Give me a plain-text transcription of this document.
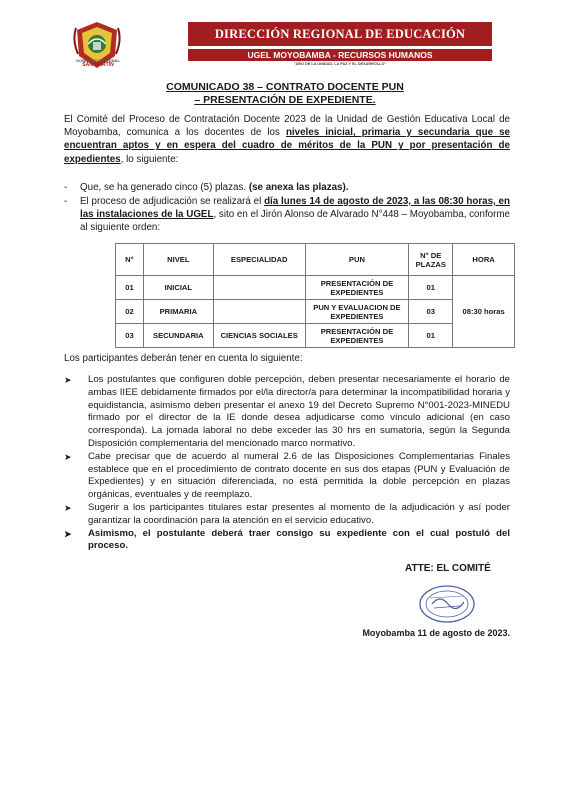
GOBIERNO REGIONAL
SAN MARTÍN
DIRECCIÓN REGIONAL DE EDUCACIÓN
UGEL MOYOBAMBA - RECURSOS HUMANOS
"AÑO DE LA UNIDAD, LA PAZ Y EL DESARROLLO"
COMUNICADO 38 – CONTRATO DOCENTE PUN
– PRESENTACIÓN DE EXPEDIENTE.
El Comité del Proceso de Contratación Docente 2023 de la Unidad de Gestión Educativa Local de Moyobamba, comunica a los docentes de los niveles inicial, primaria y secundaria que se encuentran aptos y en espera del cuadro de méritos de la PUN y por presentación de expedientes, lo siguiente:
- Que, se ha generado cinco (5) plazas. (se anexa las plazas).
- El proceso de adjudicación se realizará el día lunes 14 de agosto de 2023, a las 08:30 horas, en las instalaciones de la UGEL, sito en el Jirón Alonso de Alvarado N°448 – Moyobamba, conforme al siguiente orden:
N°	NIVEL	ESPECIALIDAD	PUN	N° DE PLAZAS	HORA
01	INICIAL		PRESENTACIÓN DE EXPEDIENTES	01	08:30 horas
02	PRIMARIA		PUN Y EVALUACION DE EXPEDIENTES	03	
03	SECUNDARIA	CIENCIAS SOCIALES	PRESENTACIÓN DE EXPEDIENTES	01	
Los participantes deberán tener en cuenta lo siguiente:
➤ Los postulantes que configuren doble percepción, deben presentar necesariamente el horario de ambas IIEE debidamente firmados por el/la director/a para determinar la incompatibilidad horaria y equidistancia, asimismo deben presentar el anexo 19 del Decreto Supremo N°001-2023-MINEDU firmado por el director de la IE donde desea adjudicarse como vínculo adicional (en caso corresponda). La jornada laboral no debe exceder las 30 hrs en sumatoria, según la Segunda Disposición complementaria del mencionado marco normativo.
➤ Cabe precisar que de acuerdo al numeral 2.6 de las Disposiciones Complementarias Finales establece que en el procedimiento de contrato docente en sus dos etapas (PUN y Evaluación de Expedientes) y en situación diferenciada, no está permitida la doble percepción en plazas orgánicas, eventuales y de reemplazo.
➤ Sugerir a los participantes titulares estar presentes al momento de la adjudicación y así poder garantizar la coordinación para la atención en el servicio educativo.
➤ Asimismo, el postulante deberá traer consigo su expediente con el cual postuló del proceso.
ATTE: EL COMITÉ
Moyobamba 11 de agosto de 2023.
